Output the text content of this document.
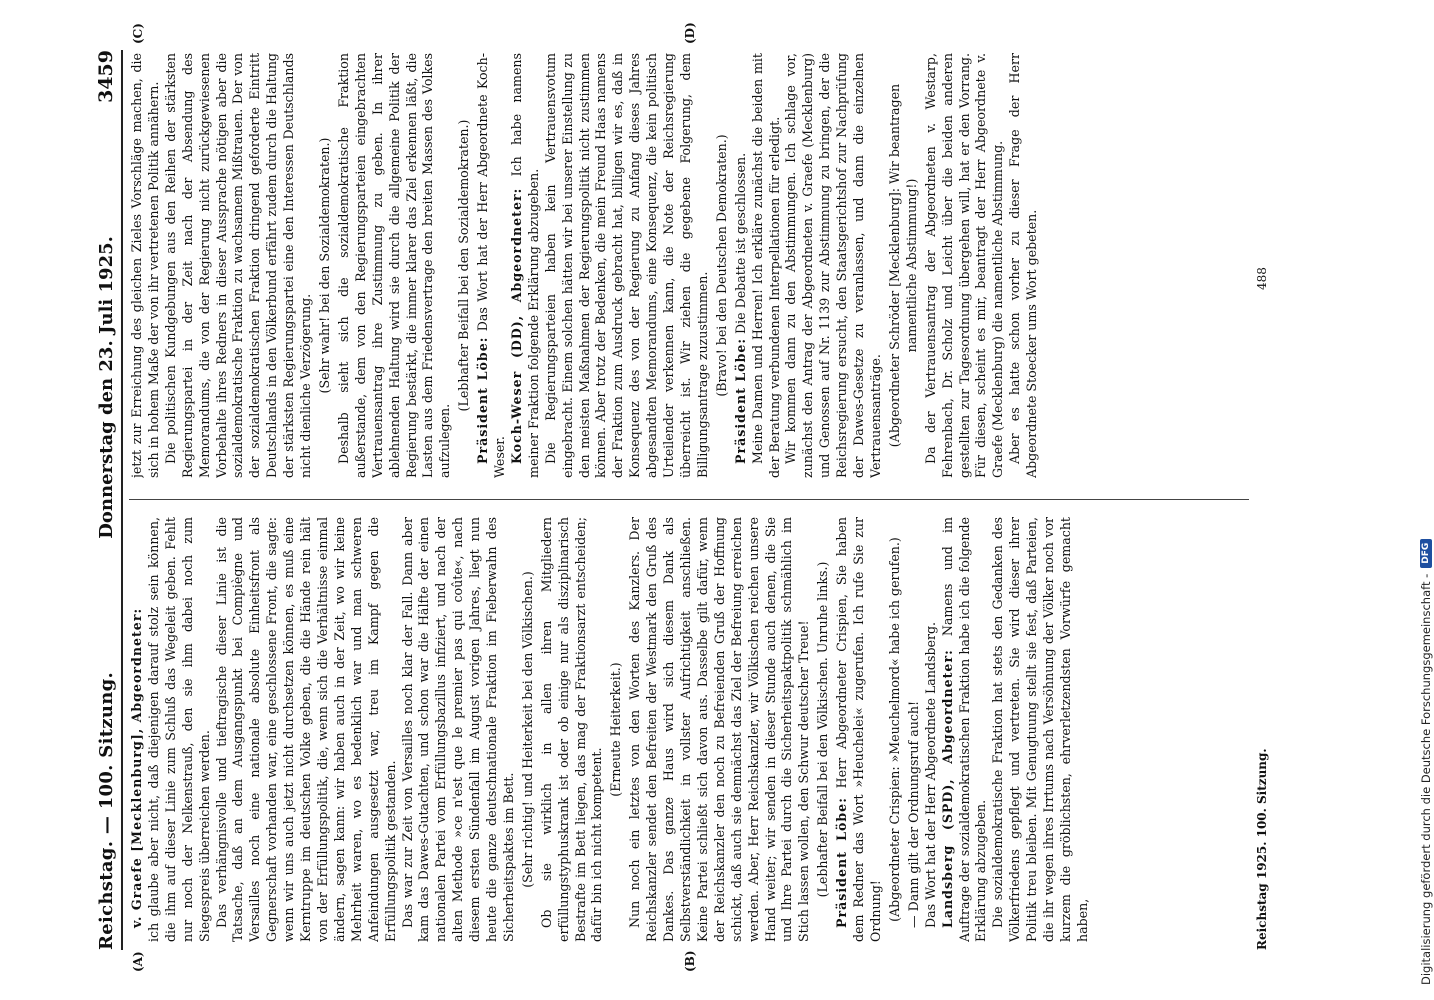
Reichstag. — 100. Sitzung.
Donnerstag den 23. Juli 1925.
3459
(A)	(B)
(C)	(D)

v. Graefe [Mecklenburg], Abgeordneter: ich glaube aber nicht, daß diejenigen darauf stolz sein können, die ihm auf dieser Linie zum Schluß das Wegeleit geben. Fehlt nur noch der Nelkenstrauß, den sie ihm dabei noch zum Siegespreis überreichen werden. Das verhängnisvolle und tieftragische dieser Linie ist die Tatsache, daß an dem Ausgangspunkt bei Compiègne und Versailles noch eine nationale absolute Einheitsfront als Gegnerschaft vorhanden war, eine geschlossene Front, die sagte: wenn wir uns auch jetzt nicht durchsetzen können, es muß eine Kerntruppe im deutschen Volke geben, die die Hände rein hält von der Erfüllungspolitik, die, wenn sich die Verhältnisse einmal ändern, sagen kann: wir haben auch in der Zeit, wo wir keine Mehrheit waren, wo es bedenklich war und man schweren Anfeindungen ausgesetzt war, treu im Kampf gegen die Erfüllungspolitik gestanden. Das war zur Zeit von Versailles noch klar der Fall. Dann aber kam das Dawes-Gutachten, und schon war die Hälfte der einen nationalen Partei vom Erfüllungsbazillus infiziert, und nach der alten Methode »ce n'est que le premier pas qui coûte«, nach diesem ersten Sündenfall im August vorigen Jahres, liegt nun heute die ganze deutschnationale Fraktion im Fieberwahn des Sicherheitspaktes im Bett. (Sehr richtig! und Heiterkeit bei den Völkischen.) Ob sie wirklich in allen ihren Mitgliedern erfüllungstyphuskrank ist oder ob einige nur als disziplinarisch Bestrafte im Bett liegen, das mag der Fraktionsarzt entscheiden; dafür bin ich nicht kompetent.

(Erneute Heiterkeit.) Nun noch ein letztes von den Worten des Kanzlers. Der Reichskanzler sendet den Befreiten der Westmark den Gruß des Dankes. Das ganze Haus wird sich diesem Dank als Selbstverständlichkeit in vollster Aufrichtigkeit anschließen. Keine Partei schließt sich davon aus. Dasselbe gilt dafür, wenn der Reichskanzler den noch zu Befreienden Gruß der Hoffnung schickt, daß auch sie demnächst das Ziel der Befreiung erreichen werden. Aber, Herr Reichskanzler, wir Völkischen reichen unsere Hand weiter; wir senden in dieser Stunde auch denen, die Sie und Ihre Partei durch die Sicherheitspaktpolitik schmählich im Stich lassen wollen, den Schwur deutscher Treue! (Lebhafter Beifall bei den Völkischen. Unruhe links.) Präsident Löbe: Herr Abgeordneter Crispien, Sie haben dem Redner das Wort »Heuchelei« zugerufen. Ich rufe Sie zur Ordnung! (Abgeordneter Crispien: »Meuchelmord« habe ich gerufen.) — Dann gilt der Ordnungsruf auch! Das Wort hat der Herr Abgeordnete Landsberg. Landsberg (SPD), Abgeordneter: Namens und im Auftrage der sozialdemokratischen Fraktion habe ich die folgende Erklärung abzugeben. Die sozialdemokratische Fraktion hat stets den Gedanken des Völkerfriedens gepflegt und vertreten. Sie wird dieser ihrer Politik treu bleiben. Mit Genugtuung stellt sie fest, daß Parteien, die ihr wegen ihres Irrtums nach Versöhnung der Völker noch vor kurzem die gröblichsten, ehrverletzendsten Vorwürfe gemacht haben,

jetzt zur Erreichung des gleichen Zieles Vorschläge machen, die sich in hohem Maße der von ihr vertretenen Politik annähern. Die politischen Kundgebungen aus den Reihen der stärksten Regierungspartei in der Zeit nach der Absendung des Memorandums, die von der Regierung nicht zurückgewiesenen Vorbehalte ihres Redners in dieser Aussprache nötigen aber die sozialdemokratische Fraktion zu wachsamem Mißtrauen. Der von der sozialdemokratischen Fraktion dringend geforderte Eintritt Deutschlands in den Völkerbund erfährt zudem durch die Haltung der stärksten Regierungspartei eine den Interessen Deutschlands nicht dienliche Verzögerung. (Sehr wahr! bei den Sozialdemokraten.) Deshalb sieht sich die sozialdemokratische Fraktion außerstande, dem von den Regierungsparteien eingebrachten Vertrauensantrag ihre Zustimmung zu geben. In ihrer ablehnenden Haltung wird sie durch die allgemeine Politik der Regierung bestärkt, die immer klarer das Ziel erkennen läßt, die Lasten aus dem Friedensvertrage den breiten Massen des Volkes aufzulegen.

(Lebhafter Beifall bei den Sozialdemokraten.) Präsident Löbe: Das Wort hat der Herr Abgeordnete Koch-Weser. Koch-Weser (DD), Abgeordneter: Ich habe namens meiner Fraktion folgende Erklärung abzugeben. Die Regierungsparteien haben kein Vertrauensvotum eingebracht. Einem solchen hätten wir bei unserer Einstellung zu den meisten Maßnahmen der Regierungspolitik nicht zustimmen können. Aber trotz der Bedenken, die mein Freund Haas namens der Fraktion zum Ausdruck gebracht hat, billigen wir es, daß in Konsequenz des von der Regierung zu Anfang dieses Jahres abgesandten Memorandums, eine Konsequenz, die kein politisch Urteilender verkennen kann, die Note der Reichsregierung überreicht ist. Wir ziehen die gegebene Folgerung, dem Billigungsantrage zuzustimmen. (Bravo! bei den Deutschen Demokraten.)

Präsident Löbe: Die Debatte ist geschlossen. Meine Damen und Herren! Ich erkläre zunächst die beiden mit der Beratung verbundenen Interpellationen für erledigt. Wir kommen dann zu den Abstimmungen. Ich schlage vor, zunächst den Antrag der Abgeordneten v. Graefe (Mecklenburg) und Genossen auf Nr. 1139 zur Abstimmung zu bringen, der die Reichsregierung ersucht, den Staatsgerichtshof zur Nachprüfung der Dawes-Gesetze zu veranlassen, und dann die einzelnen Vertrauensanträge. (Abgeordneter Schröder [Mecklenburg]: Wir beantragen namentliche Abstimmung!) Da der Vertrauensantrag der Abgeordneten v. Westarp, Fehrenbach, Dr. Scholz und Leicht über die beiden anderen gestellten zur Tagesordnung übergehen will, hat er den Vorrang. Für diesen, scheint es mir, beantragt der Herr Abgeordnete v. Graefe (Mecklenburg) die namentliche Abstimmung. Aber es hatte schon vorher zu dieser Frage der Herr Abgeordnete Stoecker ums Wort gebeten.

Reichstag 1925. 100. Sitzung.
488
Digitalisierung gefördert durch die Deutsche Forschungsgemeinschaft -
DFG
